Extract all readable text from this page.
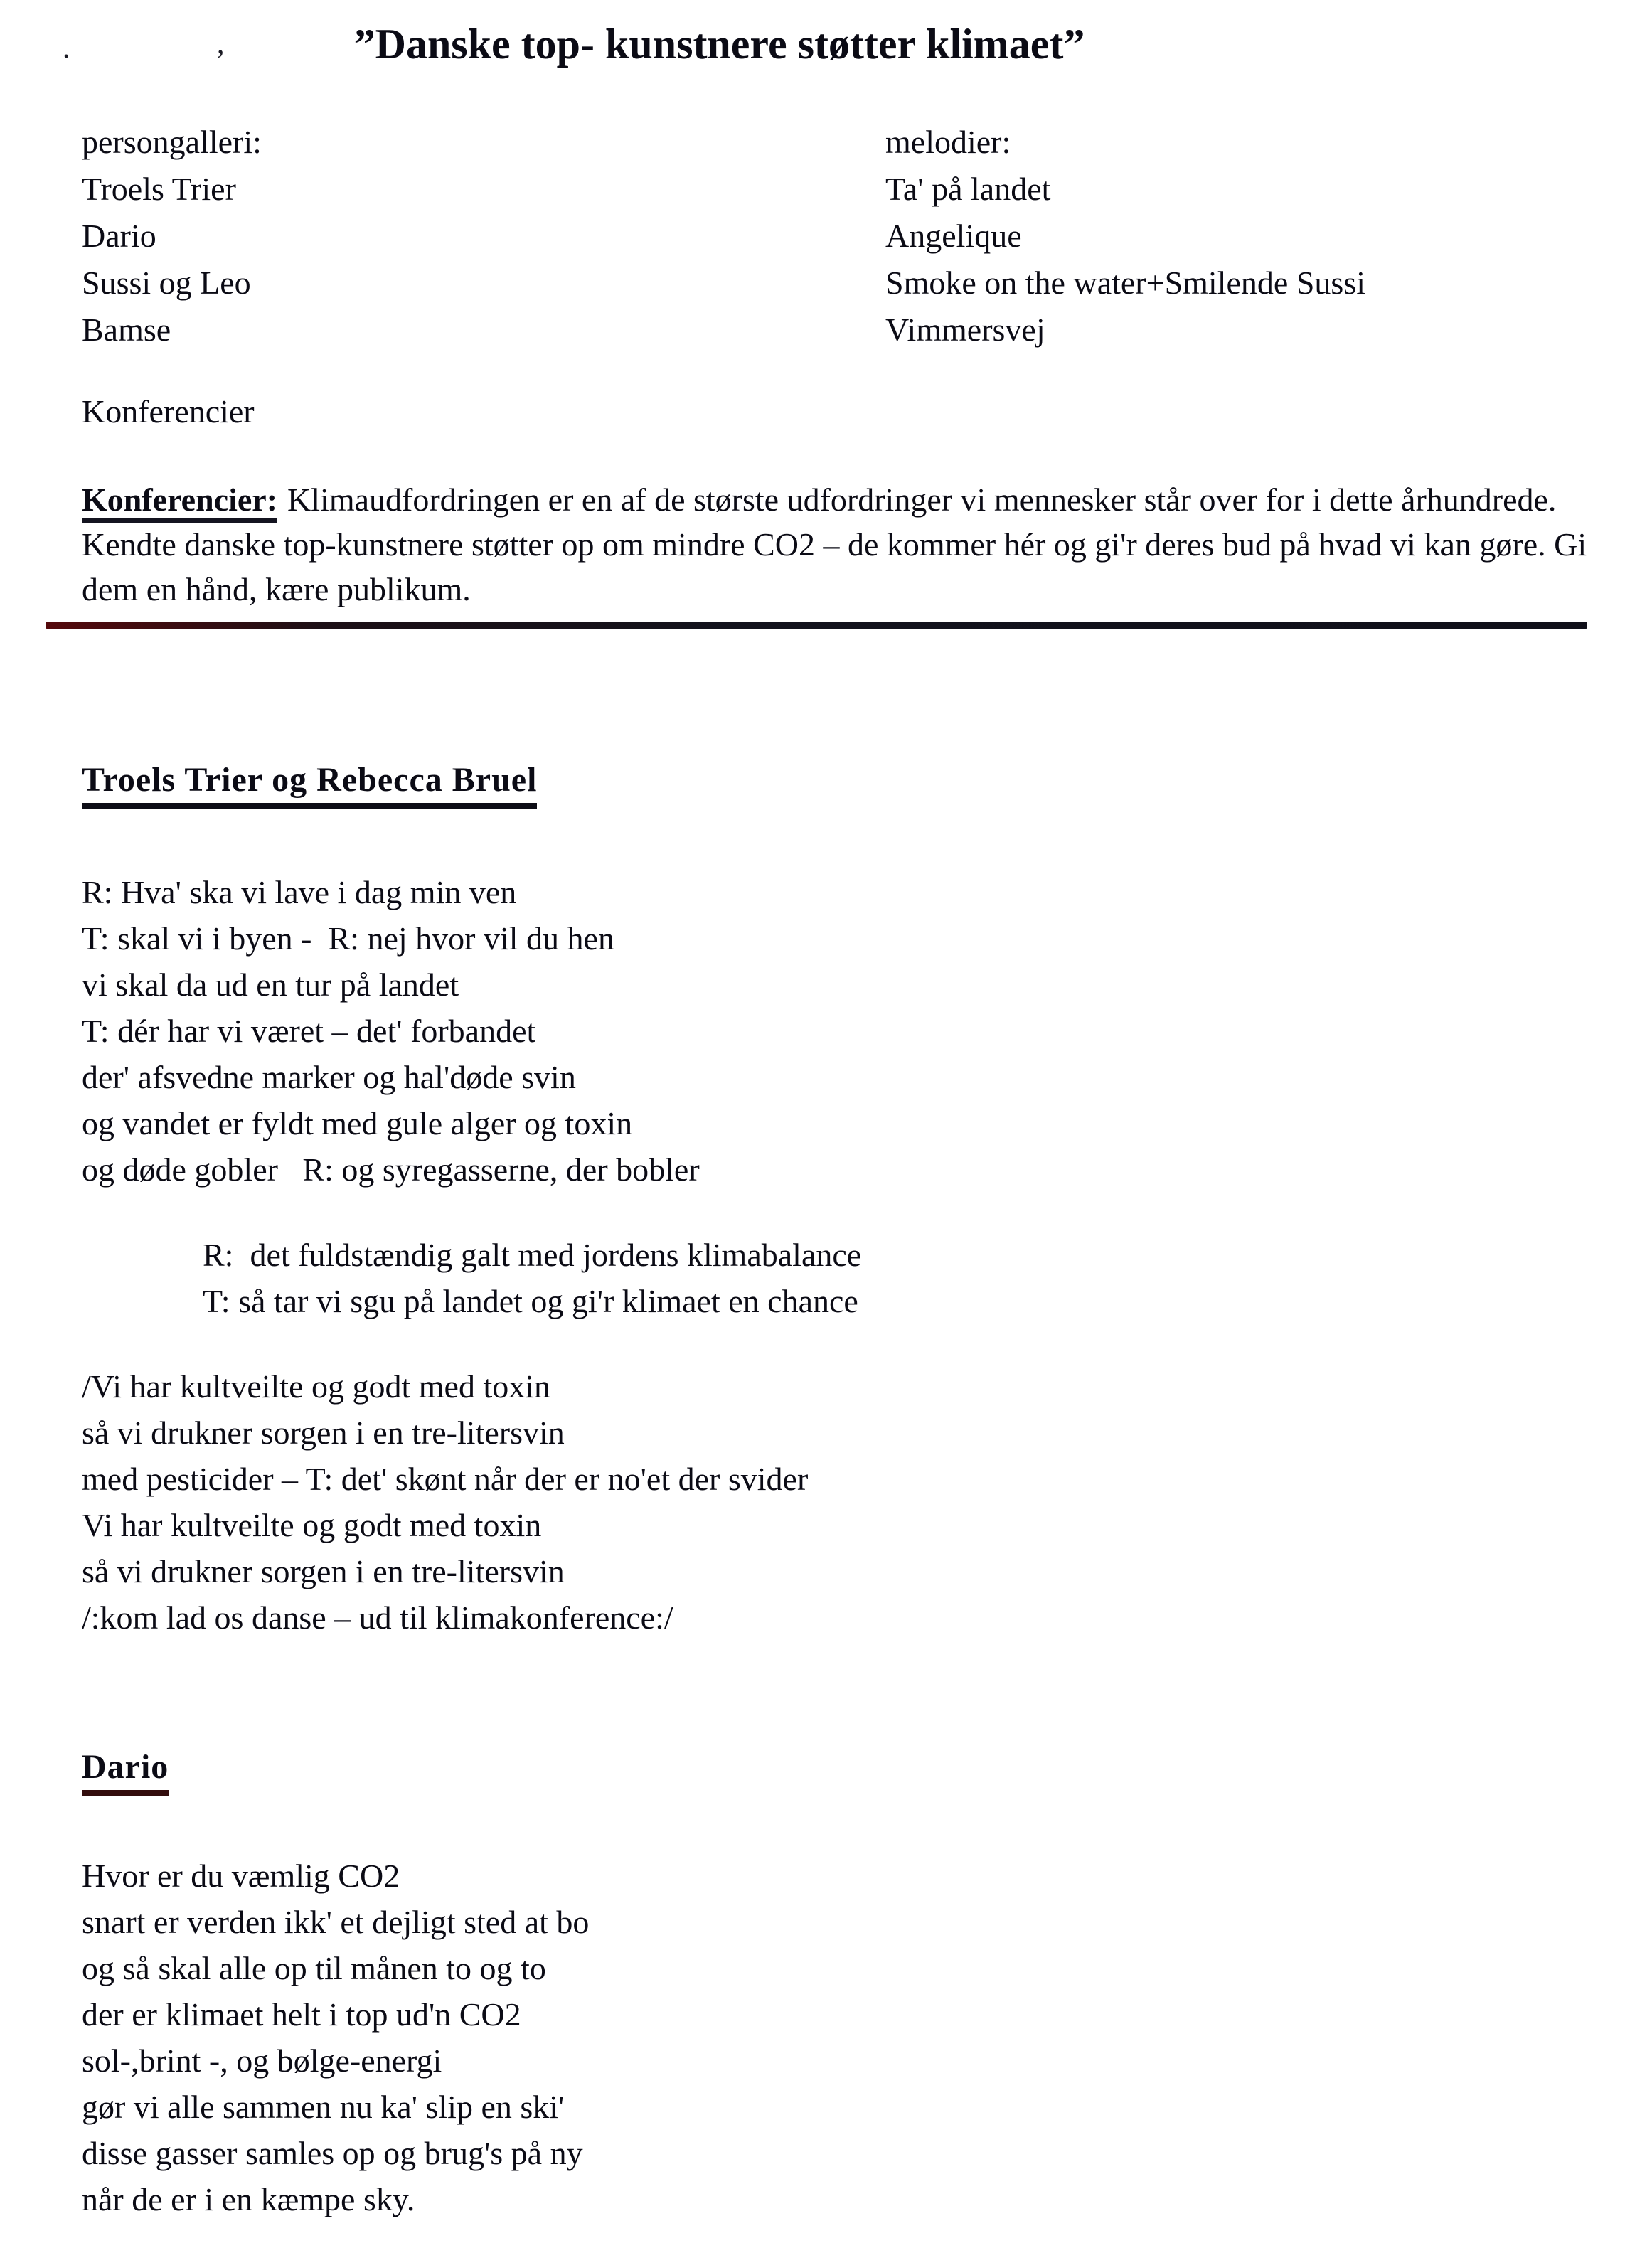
.	,	”Danske top- kunstnere støtter klimaet”
persongalleri:
Troels Trier
Dario
Sussi og Leo
Bamse
melodier:
Ta' på landet
Angelique
Smoke on the water+Smilende Sussi
Vimmersvej
Konferencier

Konferencier: Klimaudfordringen er en af de største udfordringer vi mennesker står over for i dette århundrede. Kendte danske top-kunstnere støtter op om mindre CO2 – de kommer hér og gi'r deres bud på hvad vi kan gøre. Gi dem en hånd, kære publikum.

Troels Trier og Rebecca Bruel
R: Hva' ska vi lave i dag min ven
T: skal vi i byen -  R: nej hvor vil du hen
vi skal da ud en tur på landet
T: dér har vi været – det' forbandet
der' afsvedne marker og hal'døde svin
og vandet er fyldt med gule alger og toxin
og døde gobler   R: og syregasserne, der bobler
R:  det fuldstændig galt med jordens klimabalance
T: så tar vi sgu på landet og gi'r klimaet en chance
/Vi har kultveilte og godt med toxin
så vi drukner sorgen i en tre-litersvin
med pesticider – T: det' skønt når der er no'et der svider
Vi har kultveilte og godt med toxin
så vi drukner sorgen i en tre-litersvin
/:kom lad os danse – ud til klimakonference:/
Dario
Hvor er du væmlig CO2
snart er verden ikk' et dejligt sted at bo
og så skal alle op til månen to og to
der er klimaet helt i top ud'n CO2
sol-,brint -, og bølge-energi
gør vi alle sammen nu ka' slip en ski'
disse gasser samles op og brug's på ny
når de er i en kæmpe sky.
